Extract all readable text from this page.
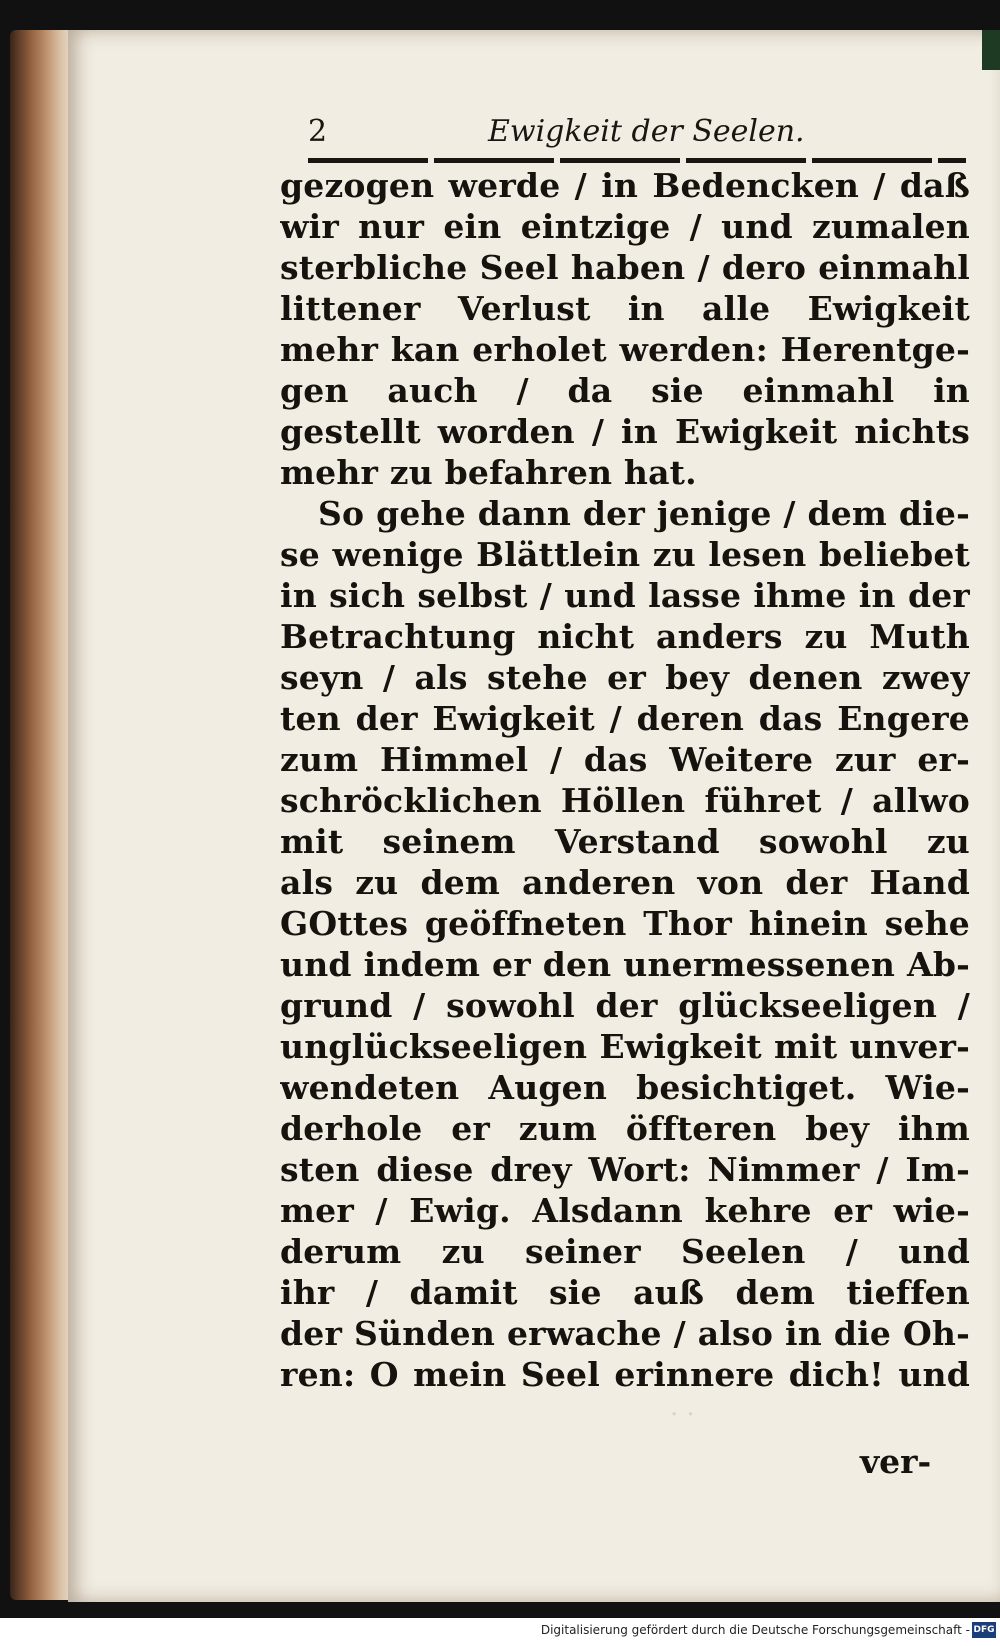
2	Ewigkeit der Seelen.
gezogen werde / in Bedencken / daß
wir nur ein eintzige / und zumalen
sterbliche Seel haben / dero einmahl
littener Verlust in alle Ewigkeit
mehr kan erholet werden: Herentge-
gen auch / da sie einmahl in
gestellt worden / in Ewigkeit nichts
mehr zu befahren hat.
So gehe dann der jenige / dem die-
se wenige Blättlein zu lesen beliebet
in sich selbst / und lasse ihme in der
Betrachtung nicht anders zu Muth
seyn / als stehe er bey denen zwey
ten der Ewigkeit / deren das Engere
zum Himmel / das Weitere zur er-
schröcklichen Höllen führet / allwo
mit seinem Verstand sowohl zu
als zu dem anderen von der Hand
GOttes geöffneten Thor hinein sehe
und indem er den unermessenen Ab-
grund / sowohl der glückseeligen /
unglückseeligen Ewigkeit mit unver-
wendeten Augen besichtiget. Wie-
derhole er zum öffteren bey ihm
sten diese drey Wort: Nimmer / Im-
mer / Ewig. Alsdann kehre er wie-
derum zu seiner Seelen / und
ihr / damit sie auß dem tieffen
der Sünden erwache / also in die Oh-
ren: O mein Seel erinnere dich! und
ver-
· ·
Digitalisierung gefördert durch die Deutsche Forschungsgemeinschaft - DFG
